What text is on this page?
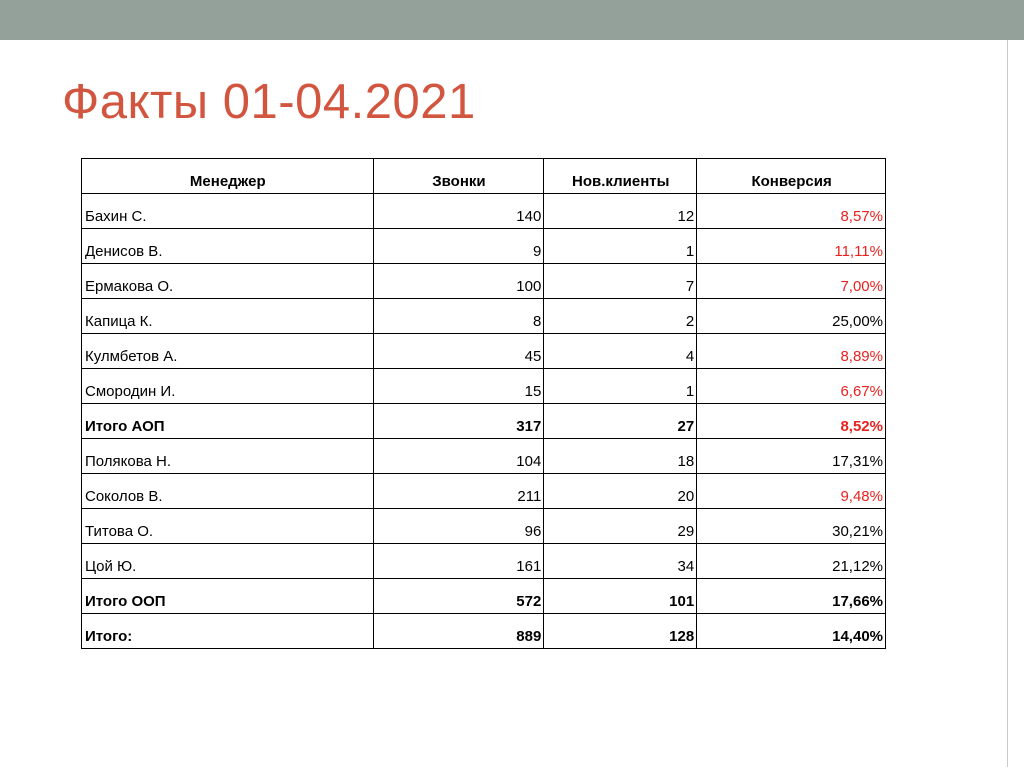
Факты 01-04.2021
Менеджер	Звонки	Нов.клиенты	Конверсия
Бахин С.	140	12	8,57%
Денисов В.	9	1	11,11%
Ермакова О.	100	7	7,00%
Капица К.	8	2	25,00%
Кулмбетов А.	45	4	8,89%
Смородин И.	15	1	6,67%
Итого АОП	317	27	8,52%
Полякова Н.	104	18	17,31%
Соколов В.	211	20	9,48%
Титова О.	96	29	30,21%
Цой Ю.	161	34	21,12%
Итого ООП	572	101	17,66%
Итого:	889	128	14,40%
